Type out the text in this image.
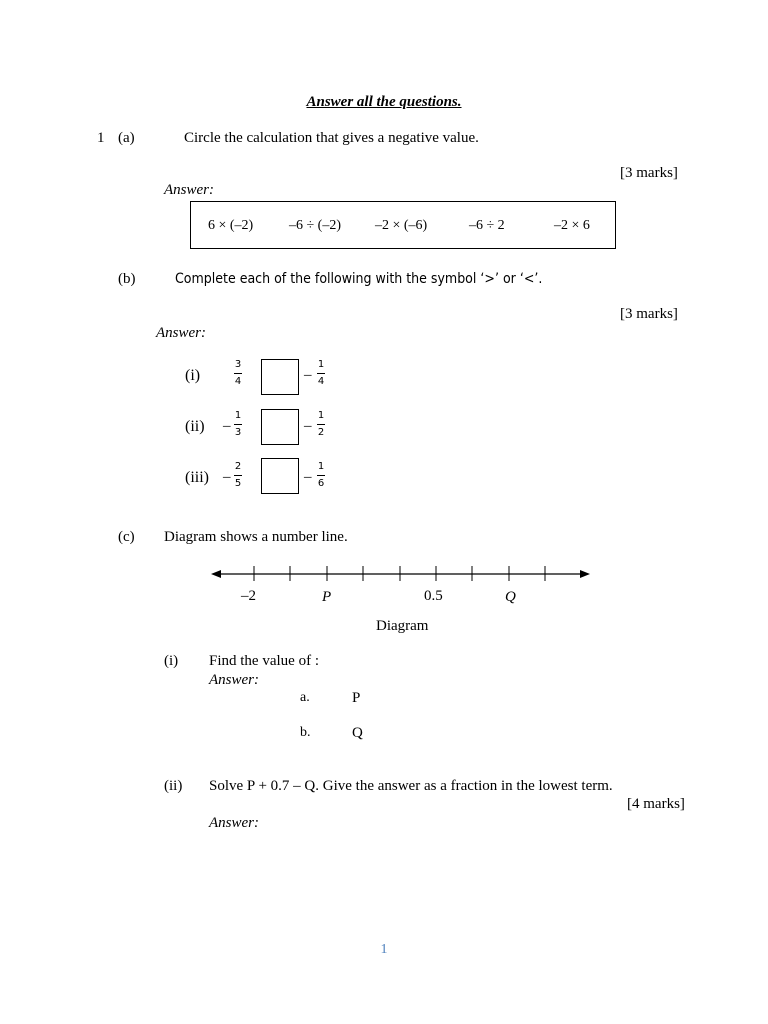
Answer all the questions.
1 (a)	Circle the calculation that gives a negative value.
[3 marks]
Answer:
6 × (–2)	–6 ÷ (–2) –2 × (–6)	–6 ÷ 2	–2 × 6
(b)	Complete each of the following with the symbol ‘>’ or ‘<’.
[3 marks]
Answer:
(i)
3
4	–
1
4
(ii) –
1
3	–
1
2
(iii) –
2
5	–
1
6
(c) Diagram shows a number line.
–2	P	0.5	Q
Diagram
(i) Find the value of :
Answer:
a.	P
b.	Q
(ii) Solve P + 0.7 – Q. Give the answer as a fraction in the lowest term.
[4 marks]
Answer:
1
